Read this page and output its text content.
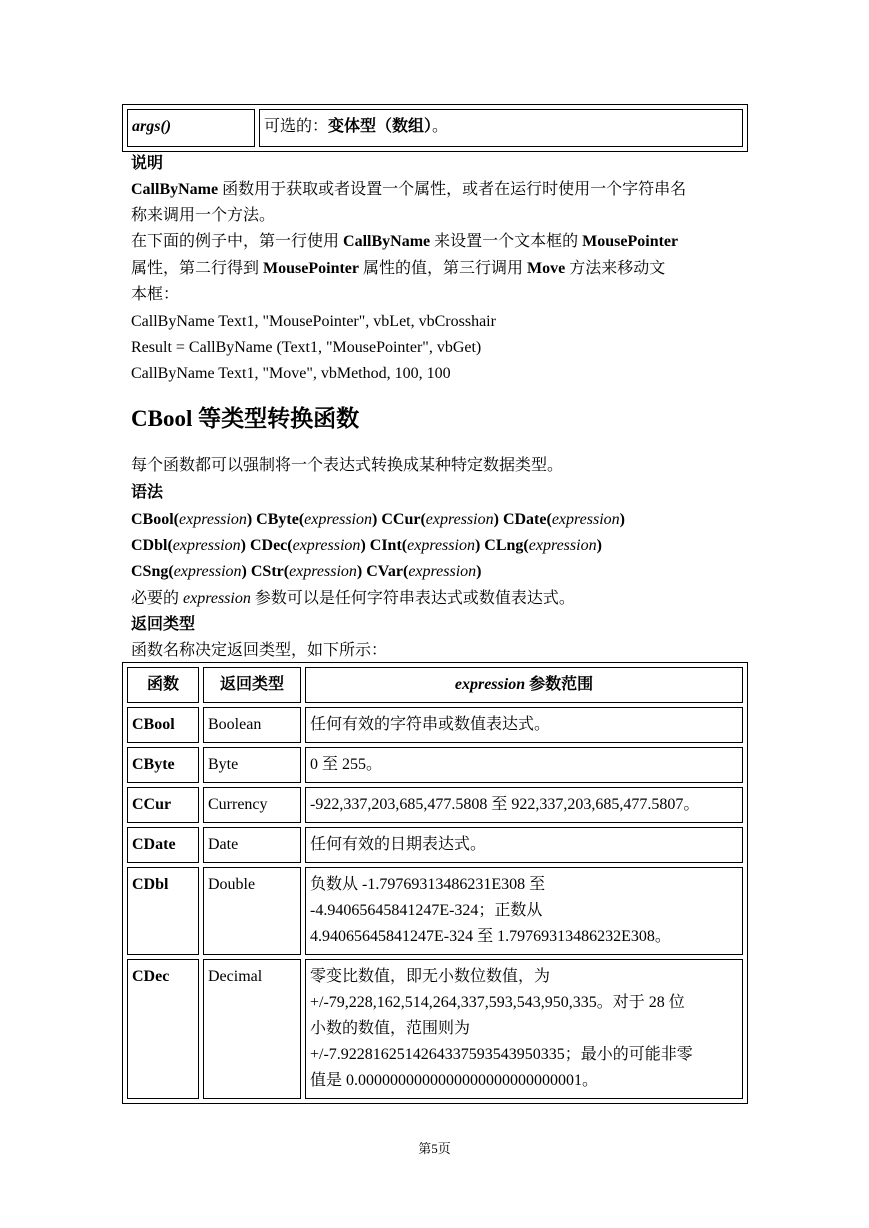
args()	可选的：变体型（数组）。
说明
CallByName 函数用于获取或者设置一个属性，或者在运行时使用一个字符串名
称来调用一个方法。
在下面的例子中，第一行使用 CallByName 来设置一个文本框的 MousePointer
属性，第二行得到 MousePointer 属性的值，第三行调用 Move 方法来移动文
本框：
CallByName Text1, "MousePointer", vbLet, vbCrosshair
Result = CallByName (Text1, "MousePointer", vbGet)
CallByName Text1, "Move", vbMethod, 100, 100
CBool 等类型转换函数
每个函数都可以强制将一个表达式转换成某种特定数据类型。
语法
CBool(expression) CByte(expression) CCur(expression) CDate(expression)
CDbl(expression) CDec(expression) CInt(expression) CLng(expression)
CSng(expression) CStr(expression) CVar(expression)
必要的 expression 参数可以是任何字符串表达式或数值表达式。
返回类型
函数名称决定返回类型，如下所示：
函数	返回类型	expression 参数范围
CBool	Boolean	任何有效的字符串或数值表达式。

CByte	Byte	0 至 255。

CCur	Currency	-922,337,203,685,477.5808 至 922,337,203,685,477.5807。

CDate	Date	任何有效的日期表达式。

CDbl	Double	负数从 -1.79769313486231E308 至
-4.94065645841247E-324；正数从
4.94065645841247E-324 至 1.79769313486232E308。

CDec	Decimal	零变比数值，即无小数位数值，为
+/-79,228,162,514,264,337,593,543,950,335。对于 28 位
小数的数值，范围则为
+/-7.9228162514264337593543950335；最小的可能非零
值是 0.0000000000000000000000000001。
第5页
